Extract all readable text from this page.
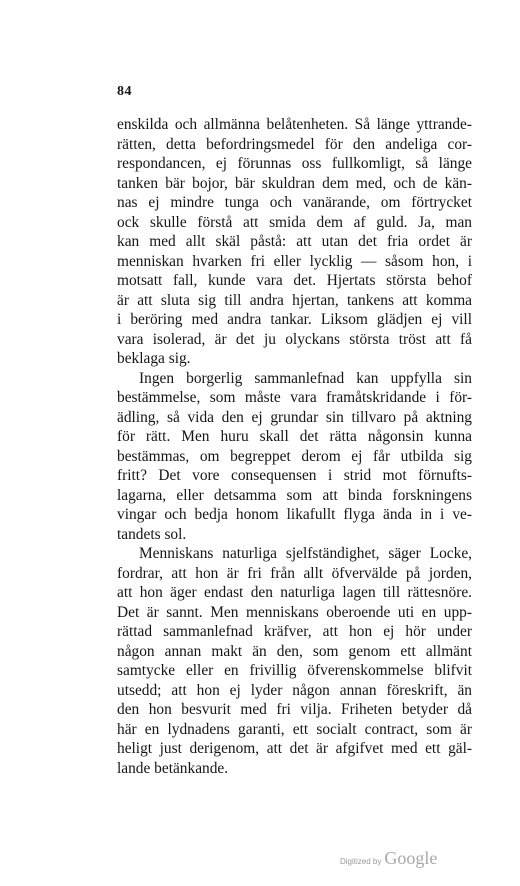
84
enskilda och allmänna belåtenheten. Så länge yttrande-
rätten, detta befordringsmedel för den andeliga cor-
respondancen, ej förunnas oss fullkomligt, så länge
tanken bär bojor, bär skuldran dem med, och de kän-
nas ej mindre tunga och vanärande, om förtrycket
ock skulle förstå att smida dem af guld. Ja, man
kan med allt skäl påstå: att utan det fria ordet är
menniskan hvarken fri eller lycklig — såsom hon, i
motsatt fall, kunde vara det. Hjertats största behof
är att sluta sig till andra hjertan, tankens att komma
i beröring med andra tankar. Liksom glädjen ej vill
vara isolerad, är det ju olyckans största tröst att få
beklaga sig.
Ingen borgerlig sammanlefnad kan uppfylla sin
bestämmelse, som måste vara framåtskridande i för-
ädling, så vida den ej grundar sin tillvaro på aktning
för rätt. Men huru skall det rätta någonsin kunna
bestämmas, om begreppet derom ej får utbilda sig
fritt? Det vore consequensen i strid mot förnufts-
lagarna, eller detsamma som att binda forskningens
vingar och bedja honom likafullt flyga ända in i ve-
tandets sol.
Menniskans naturliga sjelfständighet, säger Locke,
fordrar, att hon är fri från allt öfvervälde på jorden,
att hon äger endast den naturliga lagen till rättesnöre.
Det är sannt. Men menniskans oberoende uti en upp-
rättad sammanlefnad kräfver, att hon ej hör under
någon annan makt än den, som genom ett allmänt
samtycke eller en frivillig öfverenskommelse blifvit
utsedd; att hon ej lyder någon annan föreskrift, än
den hon besvurit med fri vilja. Friheten betyder då
här en lydnadens garanti, ett socialt contract, som är
heligt just derigenom, att det är afgifvet med ett gäl-
lande betänkande.
Digitized by Google
